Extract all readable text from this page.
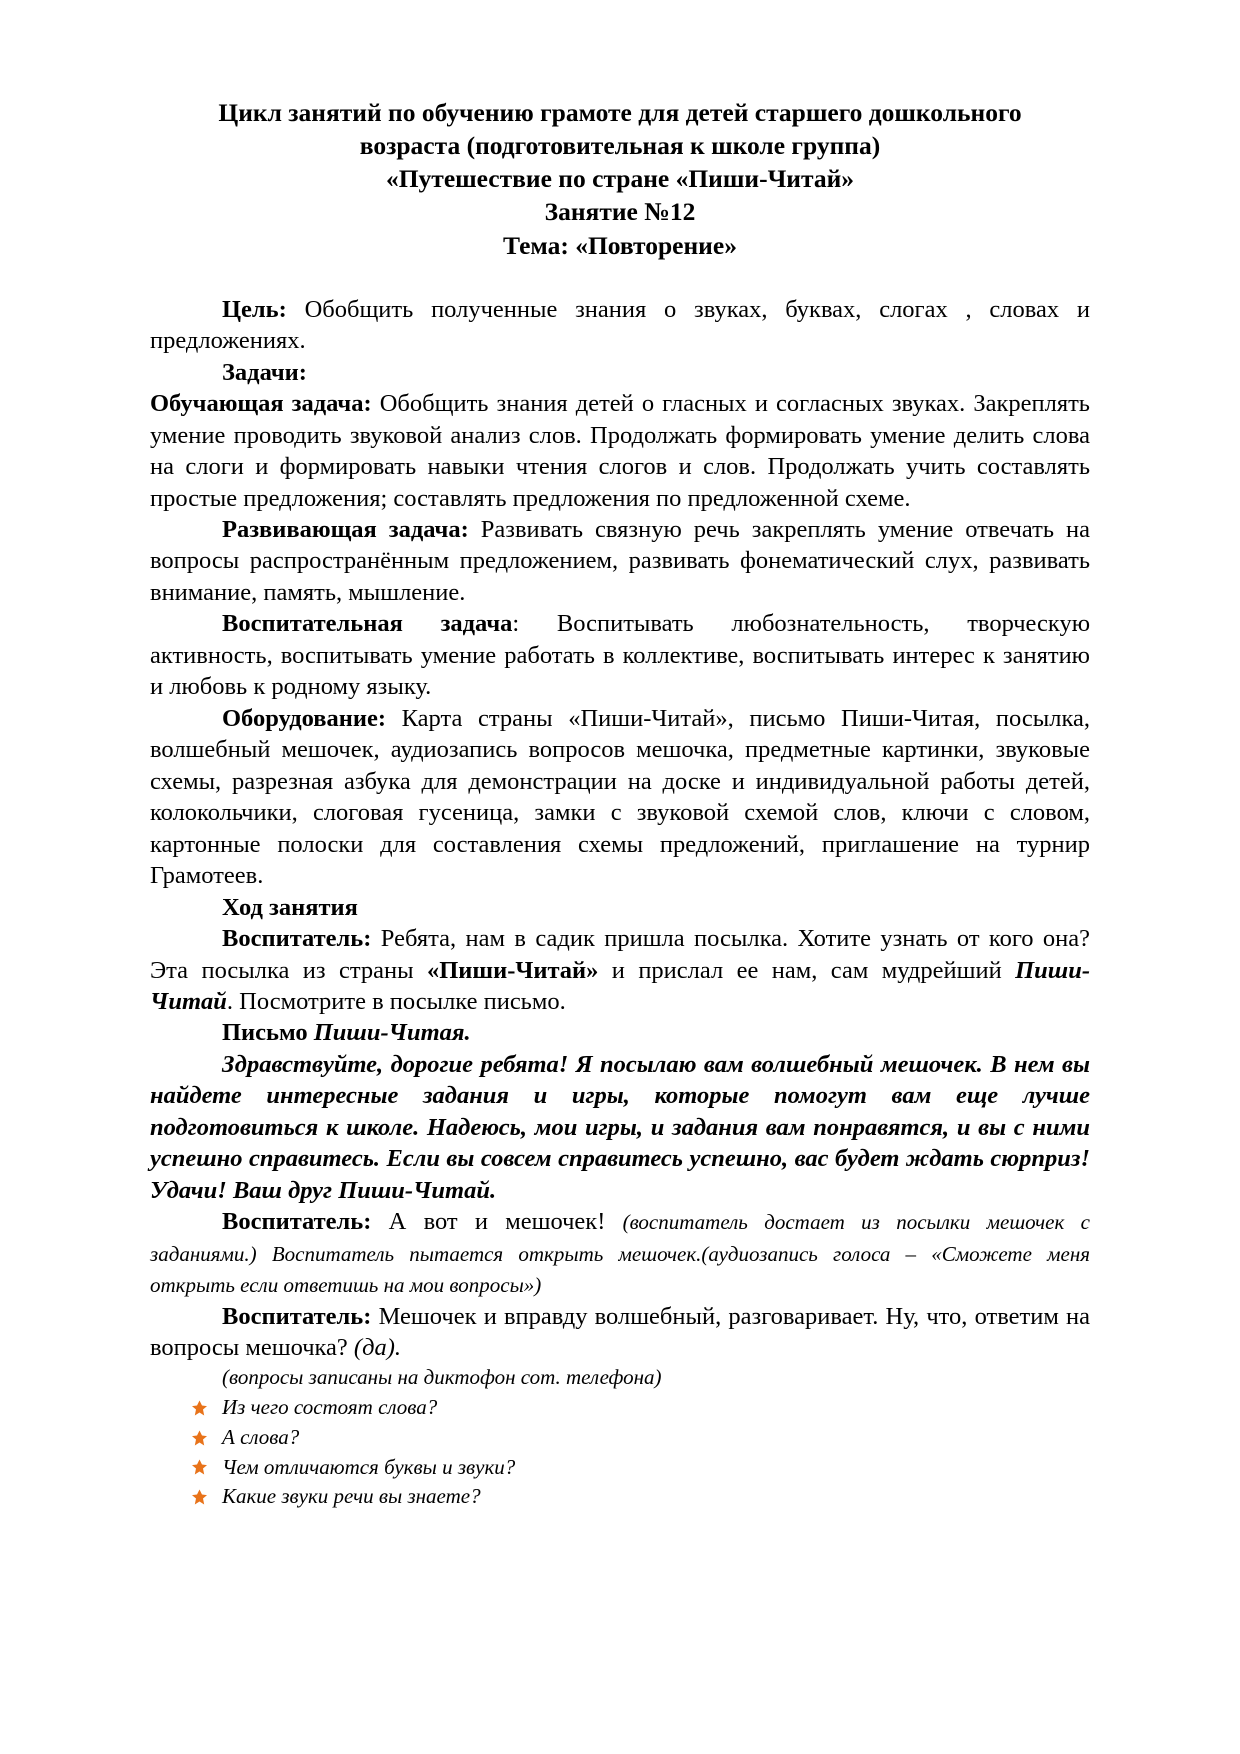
Цикл занятий по обучению грамоте для детей старшего дошкольного
возраста (подготовительная к школе группа)
«Путешествие по стране «Пиши-Читай»
Занятие №12
Тема: «Повторение»

Цель: Обобщить полученные знания о звуках, буквах, слогах , словах и предложениях.

Задачи:

Обучающая задача: Обобщить знания детей о гласных и согласных звуках. Закреплять умение проводить звуковой анализ слов. Продолжать формировать умение делить слова на слоги и формировать навыки чтения слогов и слов. Продолжать учить составлять простые предложения; составлять предложения по предложенной схеме.

Развивающая задача: Развивать связную речь закреплять умение отвечать на вопросы распространённым предложением, развивать фонематический слух, развивать внимание, память, мышление.

Воспитательная задача: Воспитывать любознательность, творческую активность, воспитывать умение работать в коллективе, воспитывать интерес к занятию и любовь к родному языку.

Оборудование: Карта страны «Пиши-Читай», письмо Пиши-Читая, посылка, волшебный мешочек, аудиозапись вопросов мешочка, предметные картинки, звуковые схемы, разрезная азбука для демонстрации на доске и индивидуальной работы детей, колокольчики, слоговая гусеница, замки с звуковой схемой слов, ключи с словом, картонные полоски для составления схемы предложений, приглашение на турнир Грамотеев.

Ход занятия

Воспитатель: Ребята, нам в садик пришла посылка. Хотите узнать от кого она? Эта посылка из страны «Пиши-Читай» и прислал ее нам, сам мудрейший Пиши-Читай. Посмотрите в посылке письмо.

Письмо Пиши-Читая.

Здравствуйте, дорогие ребята! Я посылаю вам волшебный мешочек. В нем вы найдете интересные задания и игры, которые помогут вам еще лучше подготовиться к школе. Надеюсь, мои игры, и задания вам понравятся, и вы с ними успешно справитесь. Если вы совсем справитесь успешно, вас будет ждать сюрприз! Удачи! Ваш друг Пиши-Читай.

Воспитатель: А вот и мешочек! (воспитатель достает из посылки мешочек с заданиями.) Воспитатель пытается открыть мешочек.(аудиозапись голоса – «Сможете меня открыть если ответишь на мои вопросы»)

Воспитатель: Мешочек и вправду волшебный, разговаривает. Ну, что, ответим на вопросы мешочка? (да).

(вопросы записаны на диктофон сот. телефона)

Из чего состоят слова?
А слова?
Чем отличаются буквы и звуки?
Какие звуки речи вы знаете?
